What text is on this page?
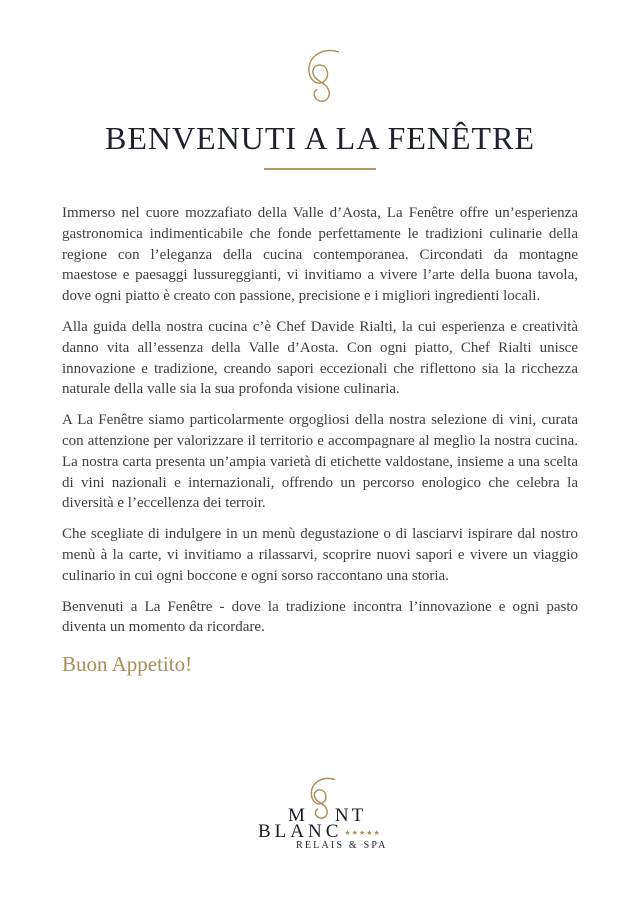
BENVENUTI A LA FENÊTRE

Immerso nel cuore mozzafiato della Valle d’Aosta, La Fenêtre offre un’esperienza gastronomica indimenticabile che fonde perfettamente le tradizioni culinarie della regione con l’eleganza della cucina contemporanea. Circondati da montagne maestose e paesaggi lussureggianti, vi invitiamo a vivere l’arte della buona tavola, dove ogni piatto è creato con passione, precisione e i migliori ingredienti locali.

Alla guida della nostra cucina c’è Chef Davide Rialti, la cui esperienza e creatività danno vita all’essenza della Valle d’Aosta. Con ogni piatto, Chef Rialti unisce innovazione e tradizione, creando sapori eccezionali che riflettono sia la ricchezza naturale della valle sia la sua profonda visione culinaria.

A La Fenêtre siamo particolarmente orgogliosi della nostra selezione di vini, curata con attenzione per valorizzare il territorio e accompagnare al meglio la nostra cucina. La nostra carta presenta un’ampia varietà di etichette valdostane, insieme a una scelta di vini nazionali e internazionali, offrendo un percorso enologico che celebra la diversità e l’eccellenza dei terroir.

Che scegliate di indulgere in un menù degustazione o di lasciarvi ispirare dal nostro menù à la carte, vi invitiamo a rilassarvi, scoprire nuovi sapori e vivere un viaggio culinario in cui ogni boccone e ogni sorso raccontano una storia.

Benvenuti a La Fenêtre - dove la tradizione incontra l’innovazione e ogni pasto diventa un momento da ricordare.

Buon Appetito!
M NT
BLANC ★★★★★
RELAIS & SPA
